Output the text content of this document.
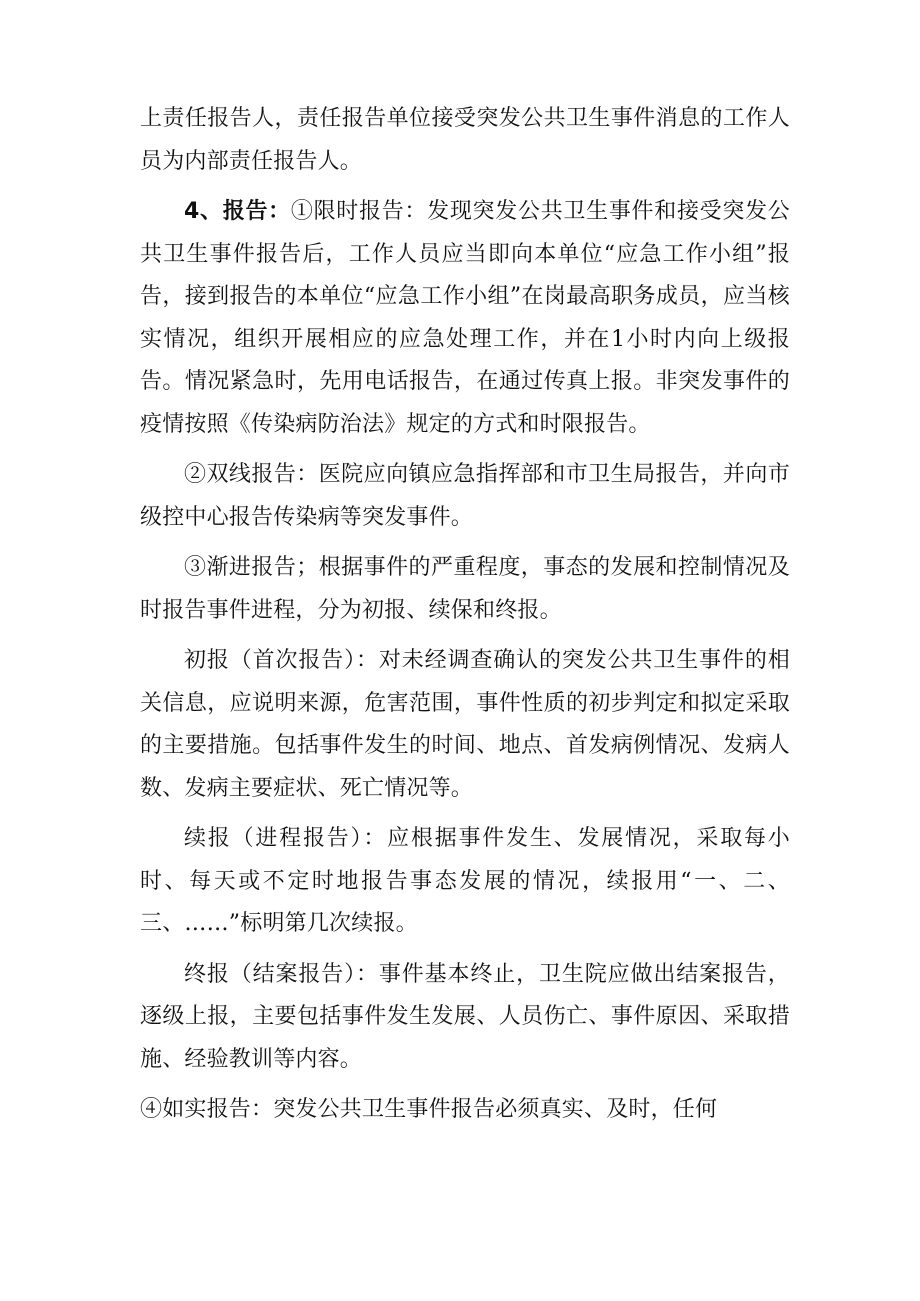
上责任报告人，责任报告单位接受突发公共卫生事件消息的工作人员为内部责任报告人。

4、报告：①限时报告：发现突发公共卫生事件和接受突发公共卫生事件报告后，工作人员应当即向本单位“应急工作小组”报告，接到报告的本单位“应急工作小组”在岗最高职务成员，应当核实情况，组织开展相应的应急处理工作，并在1小时内向上级报告。情况紧急时，先用电话报告，在通过传真上报。非突发事件的疫情按照《传染病防治法》规定的方式和时限报告。

②双线报告：医院应向镇应急指挥部和市卫生局报告，并向市级控中心报告传染病等突发事件。

③渐进报告；根据事件的严重程度，事态的发展和控制情况及时报告事件进程，分为初报、续保和终报。

初报（首次报告）：对未经调查确认的突发公共卫生事件的相关信息，应说明来源，危害范围，事件性质的初步判定和拟定采取的主要措施。包括事件发生的时间、地点、首发病例情况、发病人数、发病主要症状、死亡情况等。

续报（进程报告）：应根据事件发生、发展情况，采取每小时、每天或不定时地报告事态发展的情况，续报用“一、二、三、……”标明第几次续报。

终报（结案报告）：事件基本终止，卫生院应做出结案报告，逐级上报，主要包括事件发生发展、人员伤亡、事件原因、采取措施、经验教训等内容。

④如实报告：突发公共卫生事件报告必须真实、及时，任何
